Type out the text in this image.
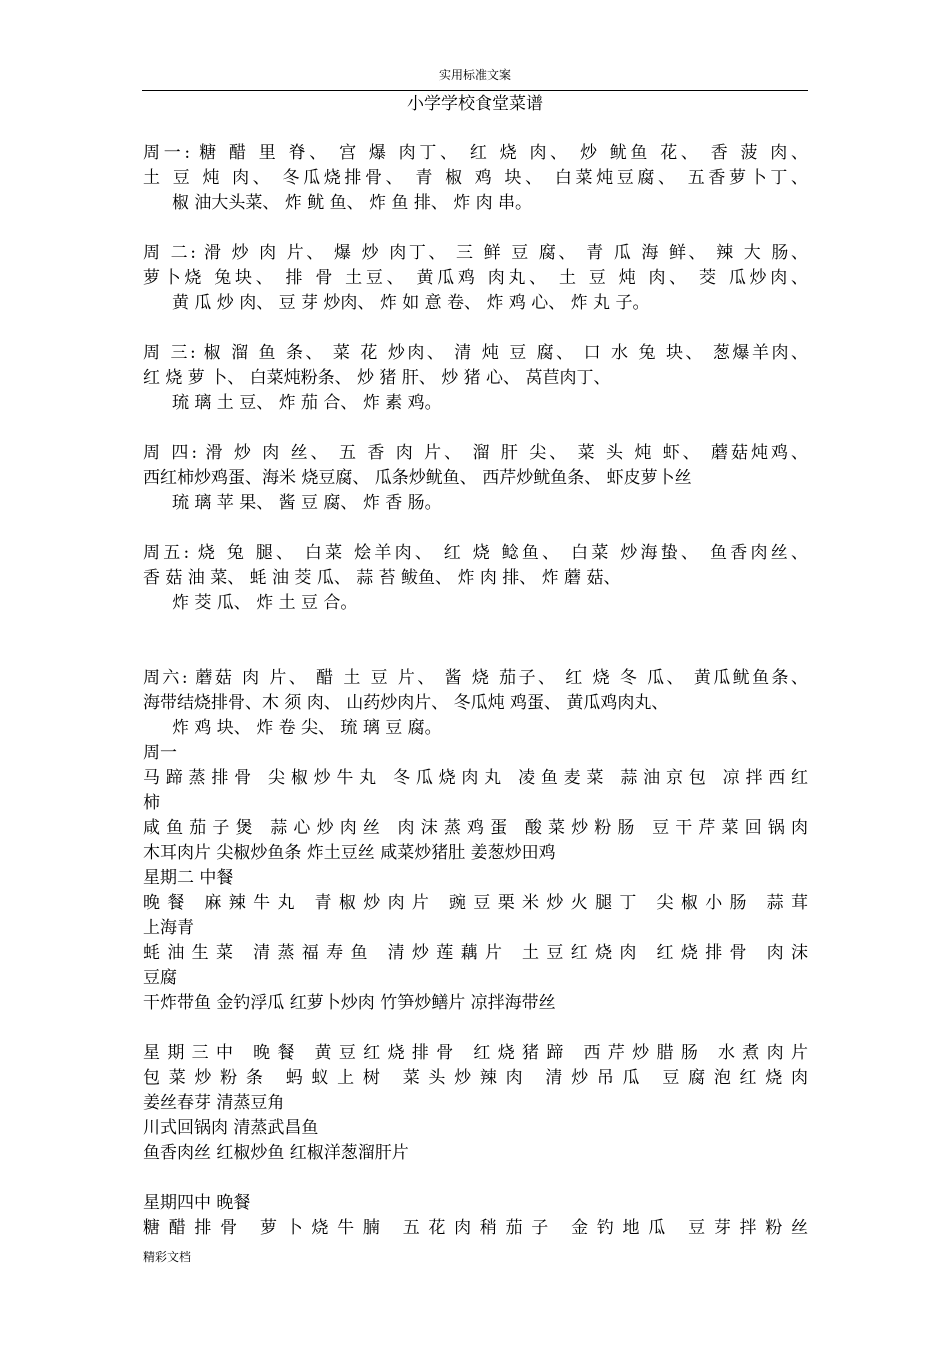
实用标准文案
小学学校食堂菜谱
周一: 糖 醋 里 脊、 宫 爆 肉丁、 红 烧 肉、 炒 鱿鱼 花、 香 菠 肉、
土 豆 炖 肉、 冬瓜烧排骨、 青 椒 鸡 块、 白菜炖豆腐、 五香萝卜丁、
椒 油大头菜、 炸 鱿 鱼、 炸 鱼 排、 炸 肉 串。
周 二: 滑 炒 肉 片、 爆 炒 肉丁、 三 鲜 豆 腐、 青 瓜 海 鲜、 辣 大 肠、
萝卜烧 兔块、 排 骨 土豆、 黄瓜鸡 肉丸、 土 豆 炖 肉、 茭 瓜炒肉、
黄 瓜 炒 肉、 豆 芽 炒肉、 炸 如 意 卷、 炸 鸡 心、 炸 丸 子。
周 三: 椒 溜 鱼 条、 菜 花 炒肉、 清 炖 豆 腐、 口 水 兔 块、 葱爆羊肉、
红 烧 萝 卜、 白菜炖粉条、 炒 猪 肝、 炒 猪 心、 莴苣肉丁、
琉 璃 土 豆、 炸 茄 合、 炸 素 鸡。
周 四: 滑 炒 肉 丝、 五 香 肉 片、 溜 肝 尖、 菜 头 炖 虾、 蘑菇炖鸡、
西红柿炒鸡蛋、海米 烧豆腐、 瓜条炒鱿鱼、 西芹炒鱿鱼条、 虾皮萝卜丝
琉 璃 苹 果、 酱 豆 腐、 炸 香 肠。
周五: 烧 兔 腿、 白菜 烩羊肉、 红 烧 鲶鱼、 白菜 炒海蛰、 鱼香肉丝、
香 菇 油 菜、 蚝 油 茭 瓜、 蒜 苔 鲅鱼、 炸 肉 排、 炸 蘑 菇、
炸 茭 瓜、 炸 土 豆 合。
周六: 蘑菇 肉 片、 醋 土 豆 片、 酱 烧 茄子、 红 烧 冬 瓜、 黄瓜鱿鱼条、
海带结烧排骨、木 须 肉、 山药炒肉片、 冬瓜炖 鸡蛋、 黄瓜鸡肉丸、
炸 鸡 块、 炸 卷 尖、 琉 璃 豆 腐。
周一
马蹄蒸排骨 尖椒炒牛丸 冬瓜烧肉丸 凌鱼麦菜 蒜油京包 凉拌西红
柿
咸鱼茄子煲 蒜心炒肉丝 肉沫蒸鸡蛋 酸菜炒粉肠 豆干芹菜回锅肉
木耳肉片 尖椒炒鱼条 炸土豆丝 咸菜炒猪肚 姜葱炒田鸡
星期二 中餐
晚餐 麻辣牛丸 青椒炒肉片 豌豆栗米炒火腿丁 尖椒小肠 蒜茸
上海青
蚝油生菜 清蒸福寿鱼 清炒莲藕片 土豆红烧肉 红烧排骨 肉沫
豆腐
干炸带鱼 金钓浮瓜 红萝卜炒肉 竹笋炒鳝片 凉拌海带丝
星期三中 晚餐 黄豆红烧排骨 红烧猪蹄 西芹炒腊肠 水煮肉片
包菜炒粉条 蚂蚁上树 菜头炒辣肉 清炒吊瓜 豆腐泡红烧肉
姜丝春芽 清蒸豆角
川式回锅肉 清蒸武昌鱼
鱼香肉丝 红椒炒鱼 红椒洋葱溜肝片
星期四中 晚餐
糖醋排骨 萝卜烧牛腩 五花肉稍茄子 金钓地瓜 豆芽拌粉丝
精彩文档
